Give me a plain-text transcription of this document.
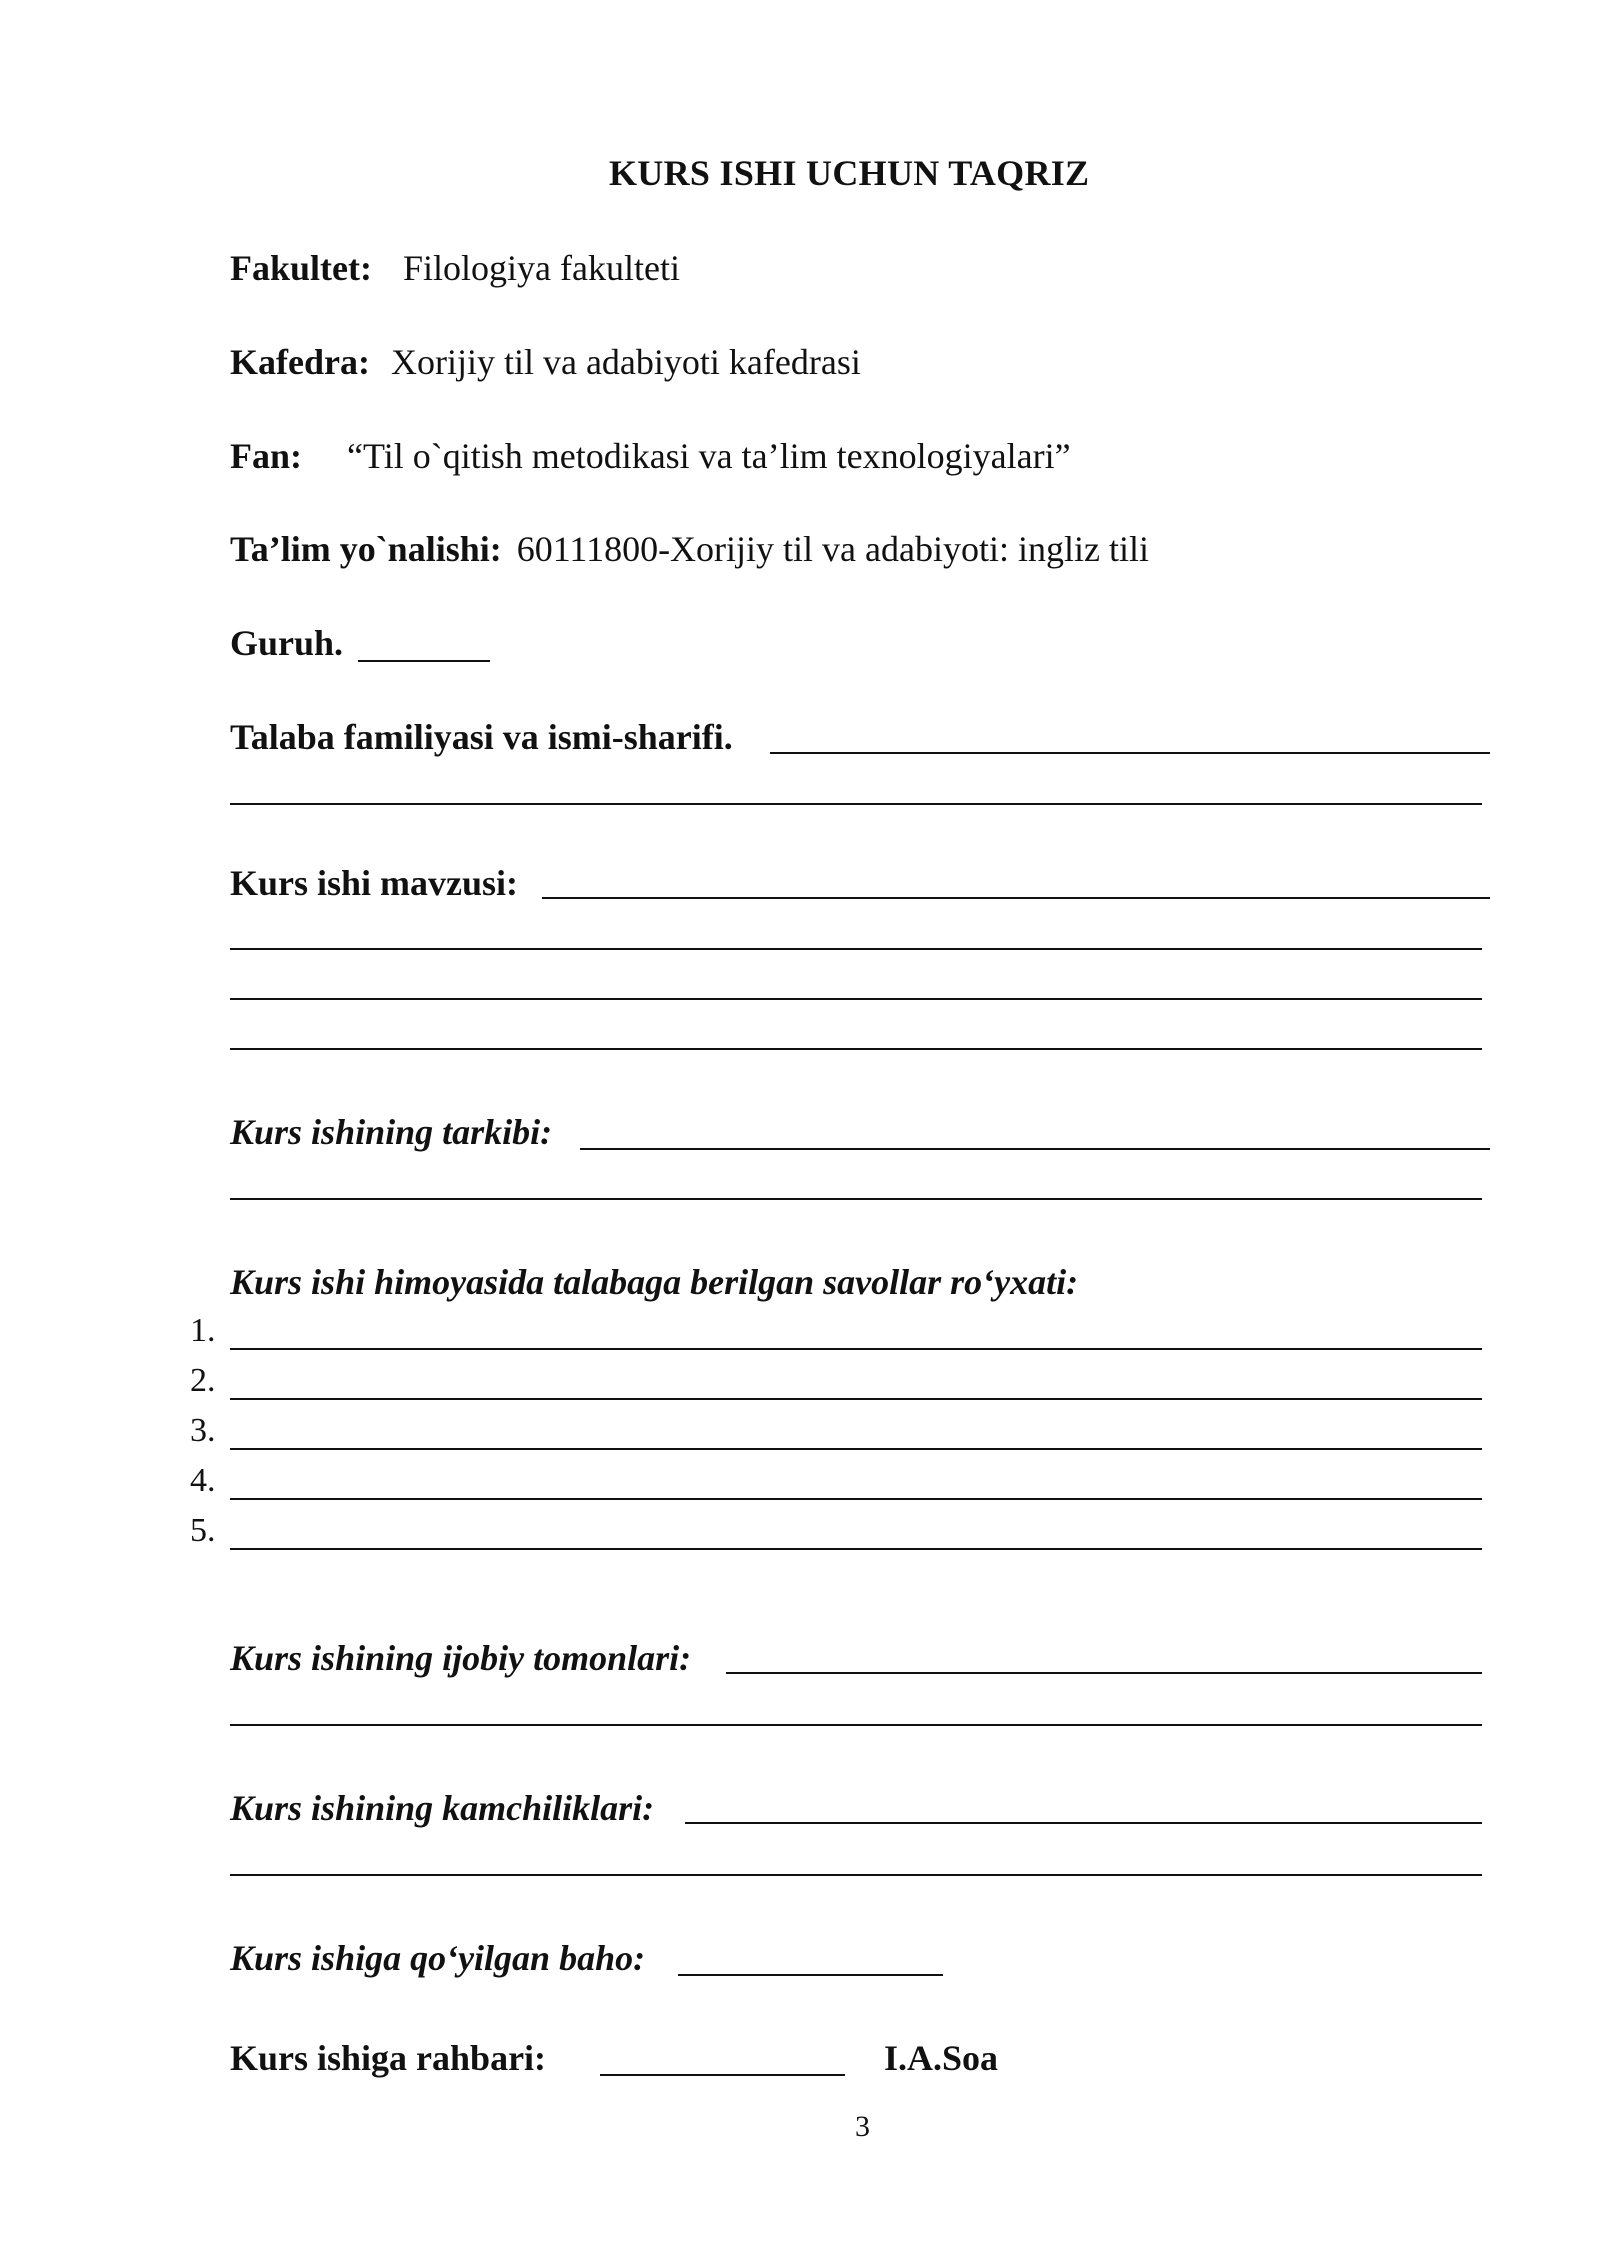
KURS ISHI UCHUN TAQRIZ
Fakultet: Filologiya fakulteti
Kafedra: Xorijiy til va adabiyoti kafedrasi
Fan: “Til o`qitish metodikasi va ta’lim texnologiyalari”
Ta’lim yo`nalishi: 60111800-Xorijiy til va adabiyoti: ingliz tili
Guruh.
Talaba familiyasi va ismi-sharifi.
Kurs ishi mavzusi:
Kurs ishining tarkibi:
Kurs ishi himoyasida talabaga berilgan savollar ro‘yxati:
1.
2.
3.
4.
5.
Kurs ishining ijobiy tomonlari:
Kurs ishining kamchiliklari:
Kurs ishiga qo‘yilgan baho:
Kurs ishiga rahbari:	I.A.Soa
3
